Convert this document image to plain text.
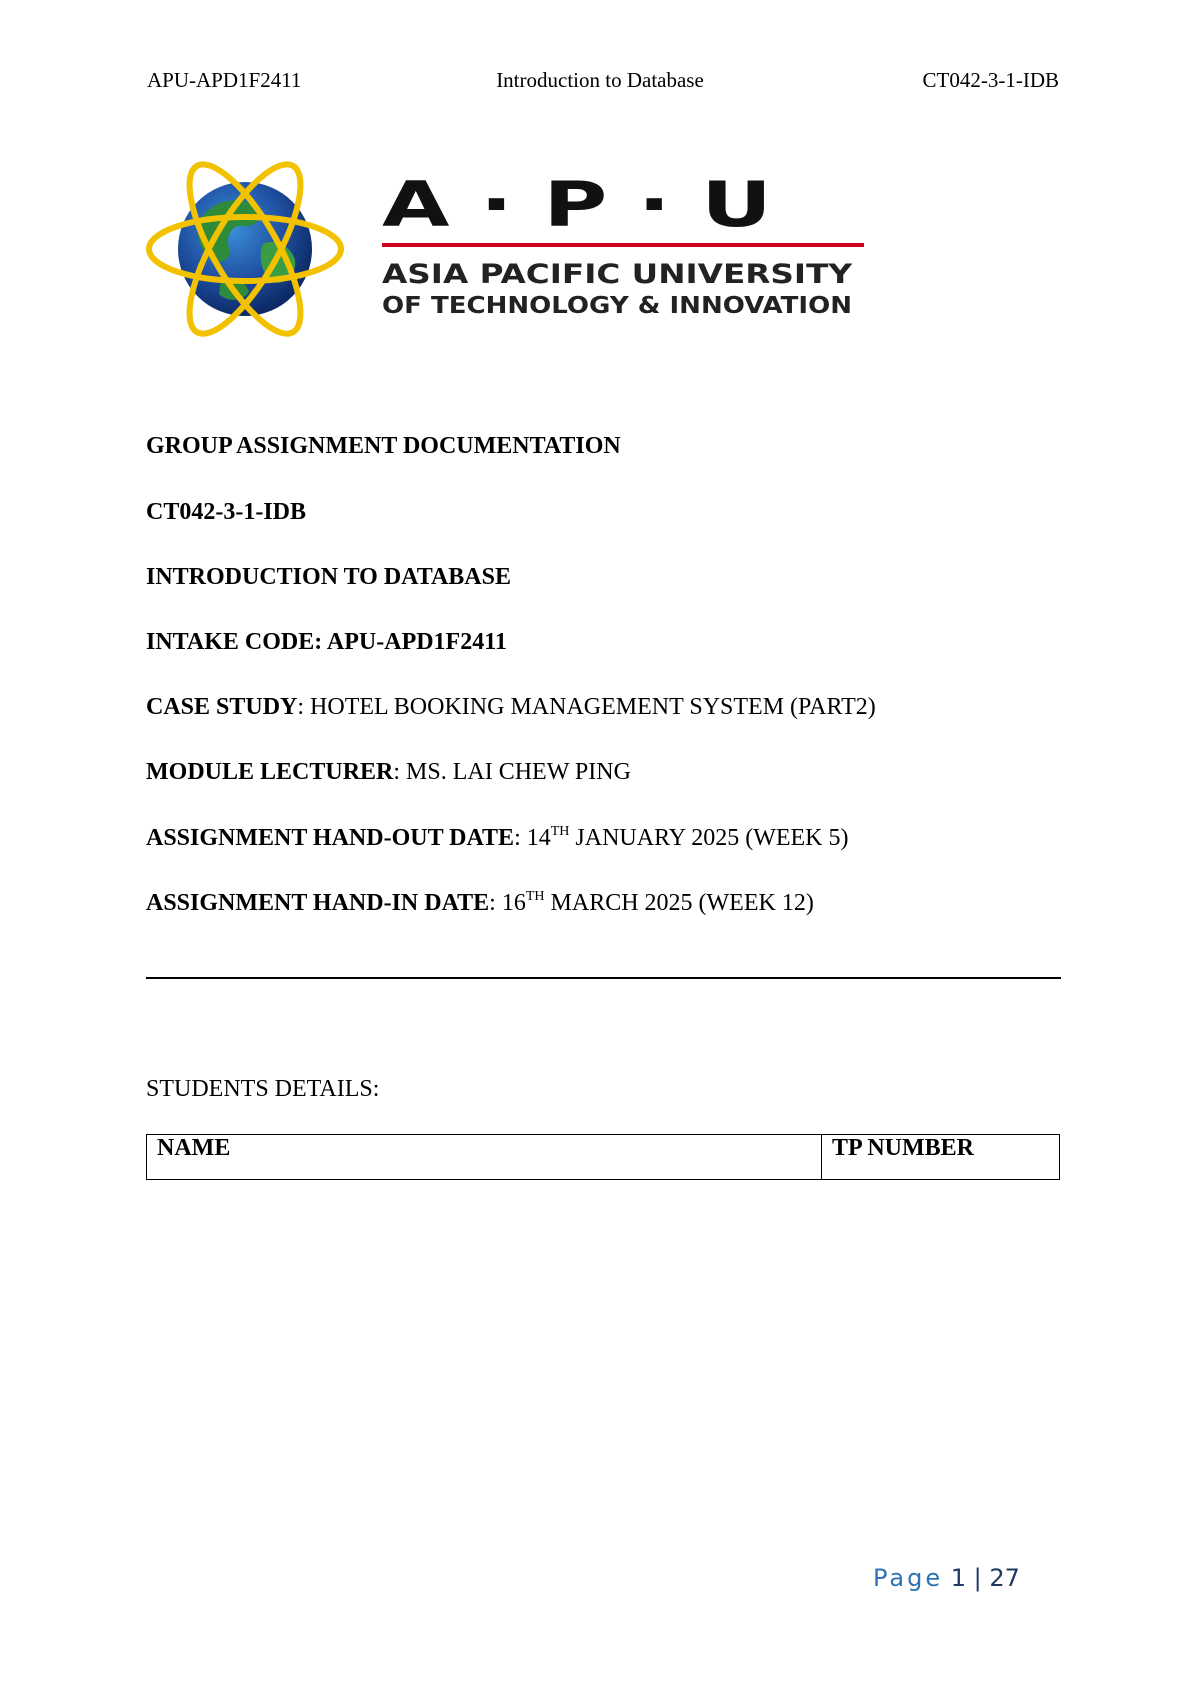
APU-APD1F2411	Introduction to Database	CT042-3-1-IDB
A · P · U
ASIA PACIFIC UNIVERSITY
OF TECHNOLOGY & INNOVATION
GROUP ASSIGNMENT DOCUMENTATION
CT042-3-1-IDB
INTRODUCTION TO DATABASE
INTAKE CODE: APU-APD1F2411
CASE STUDY: HOTEL BOOKING MANAGEMENT SYSTEM (PART2)
MODULE LECTURER: MS. LAI CHEW PING
ASSIGNMENT HAND-OUT DATE: 14TH JANUARY 2025 (WEEK 5)
ASSIGNMENT HAND-IN DATE: 16TH MARCH 2025 (WEEK 12)
STUDENTS DETAILS:
NAME	TP NUMBER
Page 1 | 27
